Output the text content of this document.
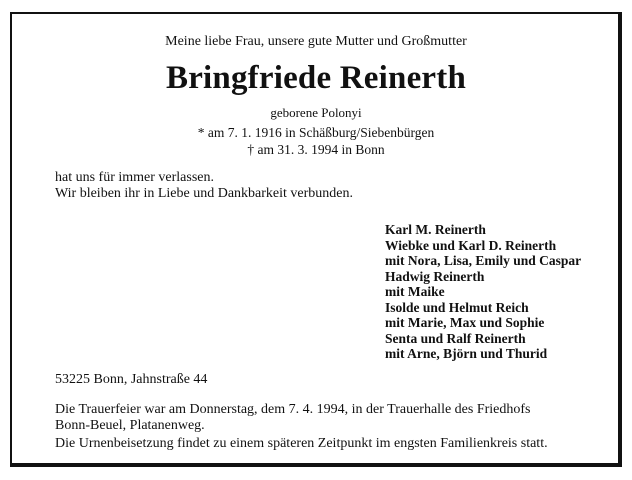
Meine liebe Frau, unsere gute Mutter und Großmutter
Bringfriede Reinerth
geborene Polonyi
* am 7. 1. 1916 in Schäßburg/Siebenbürgen
† am 31. 3. 1994 in Bonn
hat uns für immer verlassen.
Wir bleiben ihr in Liebe und Dankbarkeit verbunden.
Karl M. Reinerth
Wiebke und Karl D. Reinerth
mit Nora, Lisa, Emily und Caspar
Hadwig Reinerth
mit Maike
Isolde und Helmut Reich
mit Marie, Max und Sophie
Senta und Ralf Reinerth
mit Arne, Björn und Thurid
53225 Bonn, Jahnstraße 44
Die Trauerfeier war am Donnerstag, dem 7. 4. 1994, in der Trauerhalle des Friedhofs
Bonn-Beuel, Platanenweg.
Die Urnenbeisetzung findet zu einem späteren Zeitpunkt im engsten Familienkreis statt.
